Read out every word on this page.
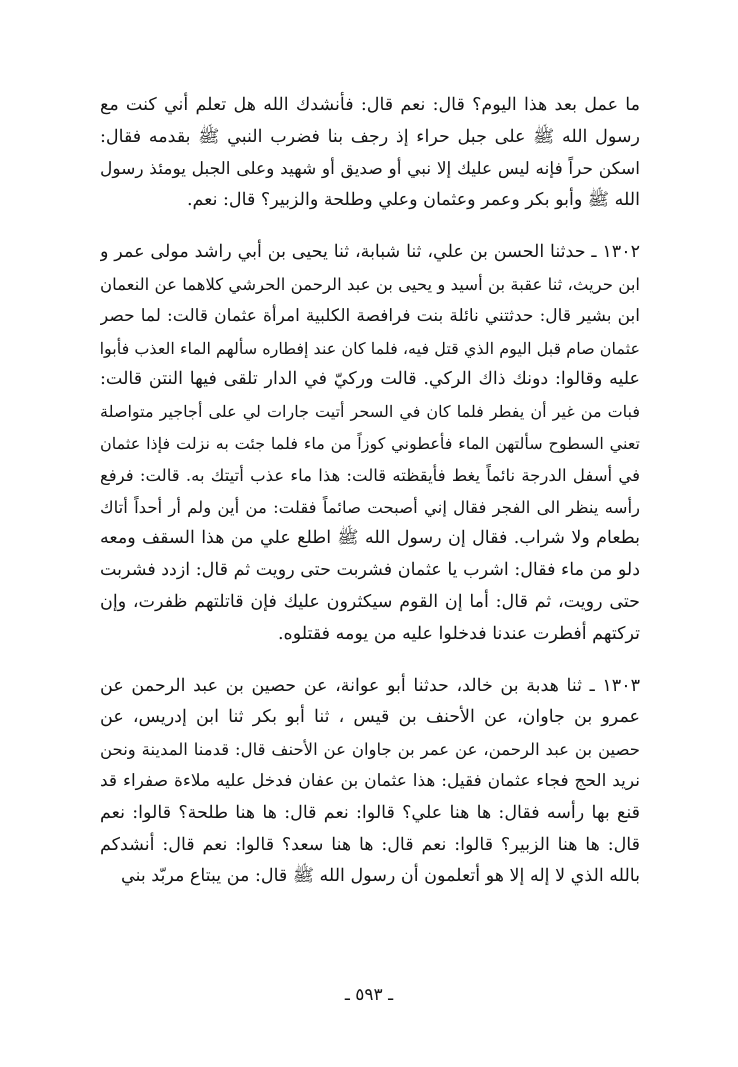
ما عمل بعد هذا اليوم؟ قال: نعم قال: فأنشدك الله هل تعلم أني كنت مع
رسول الله ﷺ على جبل حراء إذ رجف بنا فضرب النبي ﷺ بقدمه فقال:
اسكن حراً فإنه ليس عليك إلا نبي أو صديق أو شهيد وعلى الجبل يومئذ رسول
الله ﷺ وأبو بكر وعمر وعثمان وعلي وطلحة والزبير؟ قال: نعم.
١٣٠٢ ـ حدثنا الحسن بن علي، ثنا شبابة، ثنا يحيى بن أبي راشد مولى عمر و
ابن حريث، ثنا عقبة بن أسيد و يحيى بن عبد الرحمن الحرشي كلاهما عن النعمان
ابن بشير قال: حدثتني نائلة بنت فرافصة الكلبية امرأة عثمان قالت: لما حصر
عثمان صام قبل اليوم الذي قتل فيه، فلما كان عند إفطاره سألهم الماء العذب فأبوا
عليه وقالوا: دونك ذاك الركي. قالت وركيّ في الدار تلقى فيها النتن قالت:
فبات من غير أن يفطر فلما كان في السحر أتيت جارات لي على أجاجير متواصلة
تعني السطوح سألتهن الماء فأعطوني كوزاً من ماء فلما جئت به نزلت فإذا عثمان
في أسفل الدرجة نائماً يغط فأيقظته قالت: هذا ماء عذب أتيتك به. قالت: فرفع
رأسه ينظر الى الفجر فقال إني أصبحت صائماً فقلت: من أين ولم أر أحداً أتاك
بطعام ولا شراب. فقال إن رسول الله ﷺ اطلع علي من هذا السقف ومعه
دلو من ماء فقال: اشرب يا عثمان فشربت حتى رويت ثم قال: ازدد فشربت
حتى رويت، ثم قال: أما إن القوم سيكثرون عليك فإن قاتلتهم ظفرت، وإن
تركتهم أفطرت عندنا فدخلوا عليه من يومه فقتلوه.
١٣٠٣ ـ ثنا هدبة بن خالد، حدثنا أبو عوانة، عن حصين بن عبد الرحمن عن
عمرو بن جاوان، عن الأحنف بن قيس ، ثنا أبو بكر ثنا ابن إدريس، عن
حصين بن عبد الرحمن، عن عمر بن جاوان عن الأحنف قال: قدمنا المدينة ونحن
نريد الحج فجاء عثمان فقيل: هذا عثمان بن عفان فدخل عليه ملاءة صفراء قد
قنع بها رأسه فقال: ها هنا علي؟ قالوا: نعم قال: ها هنا طلحة؟ قالوا: نعم
قال: ها هنا الزبير؟ قالوا: نعم قال: ها هنا سعد؟ قالوا: نعم قال: أنشدكم
بالله الذي لا إله إلا هو أتعلمون أن رسول الله ﷺ قال: من يبتاع مربّد بني
ـ ٥٩٣ ـ
